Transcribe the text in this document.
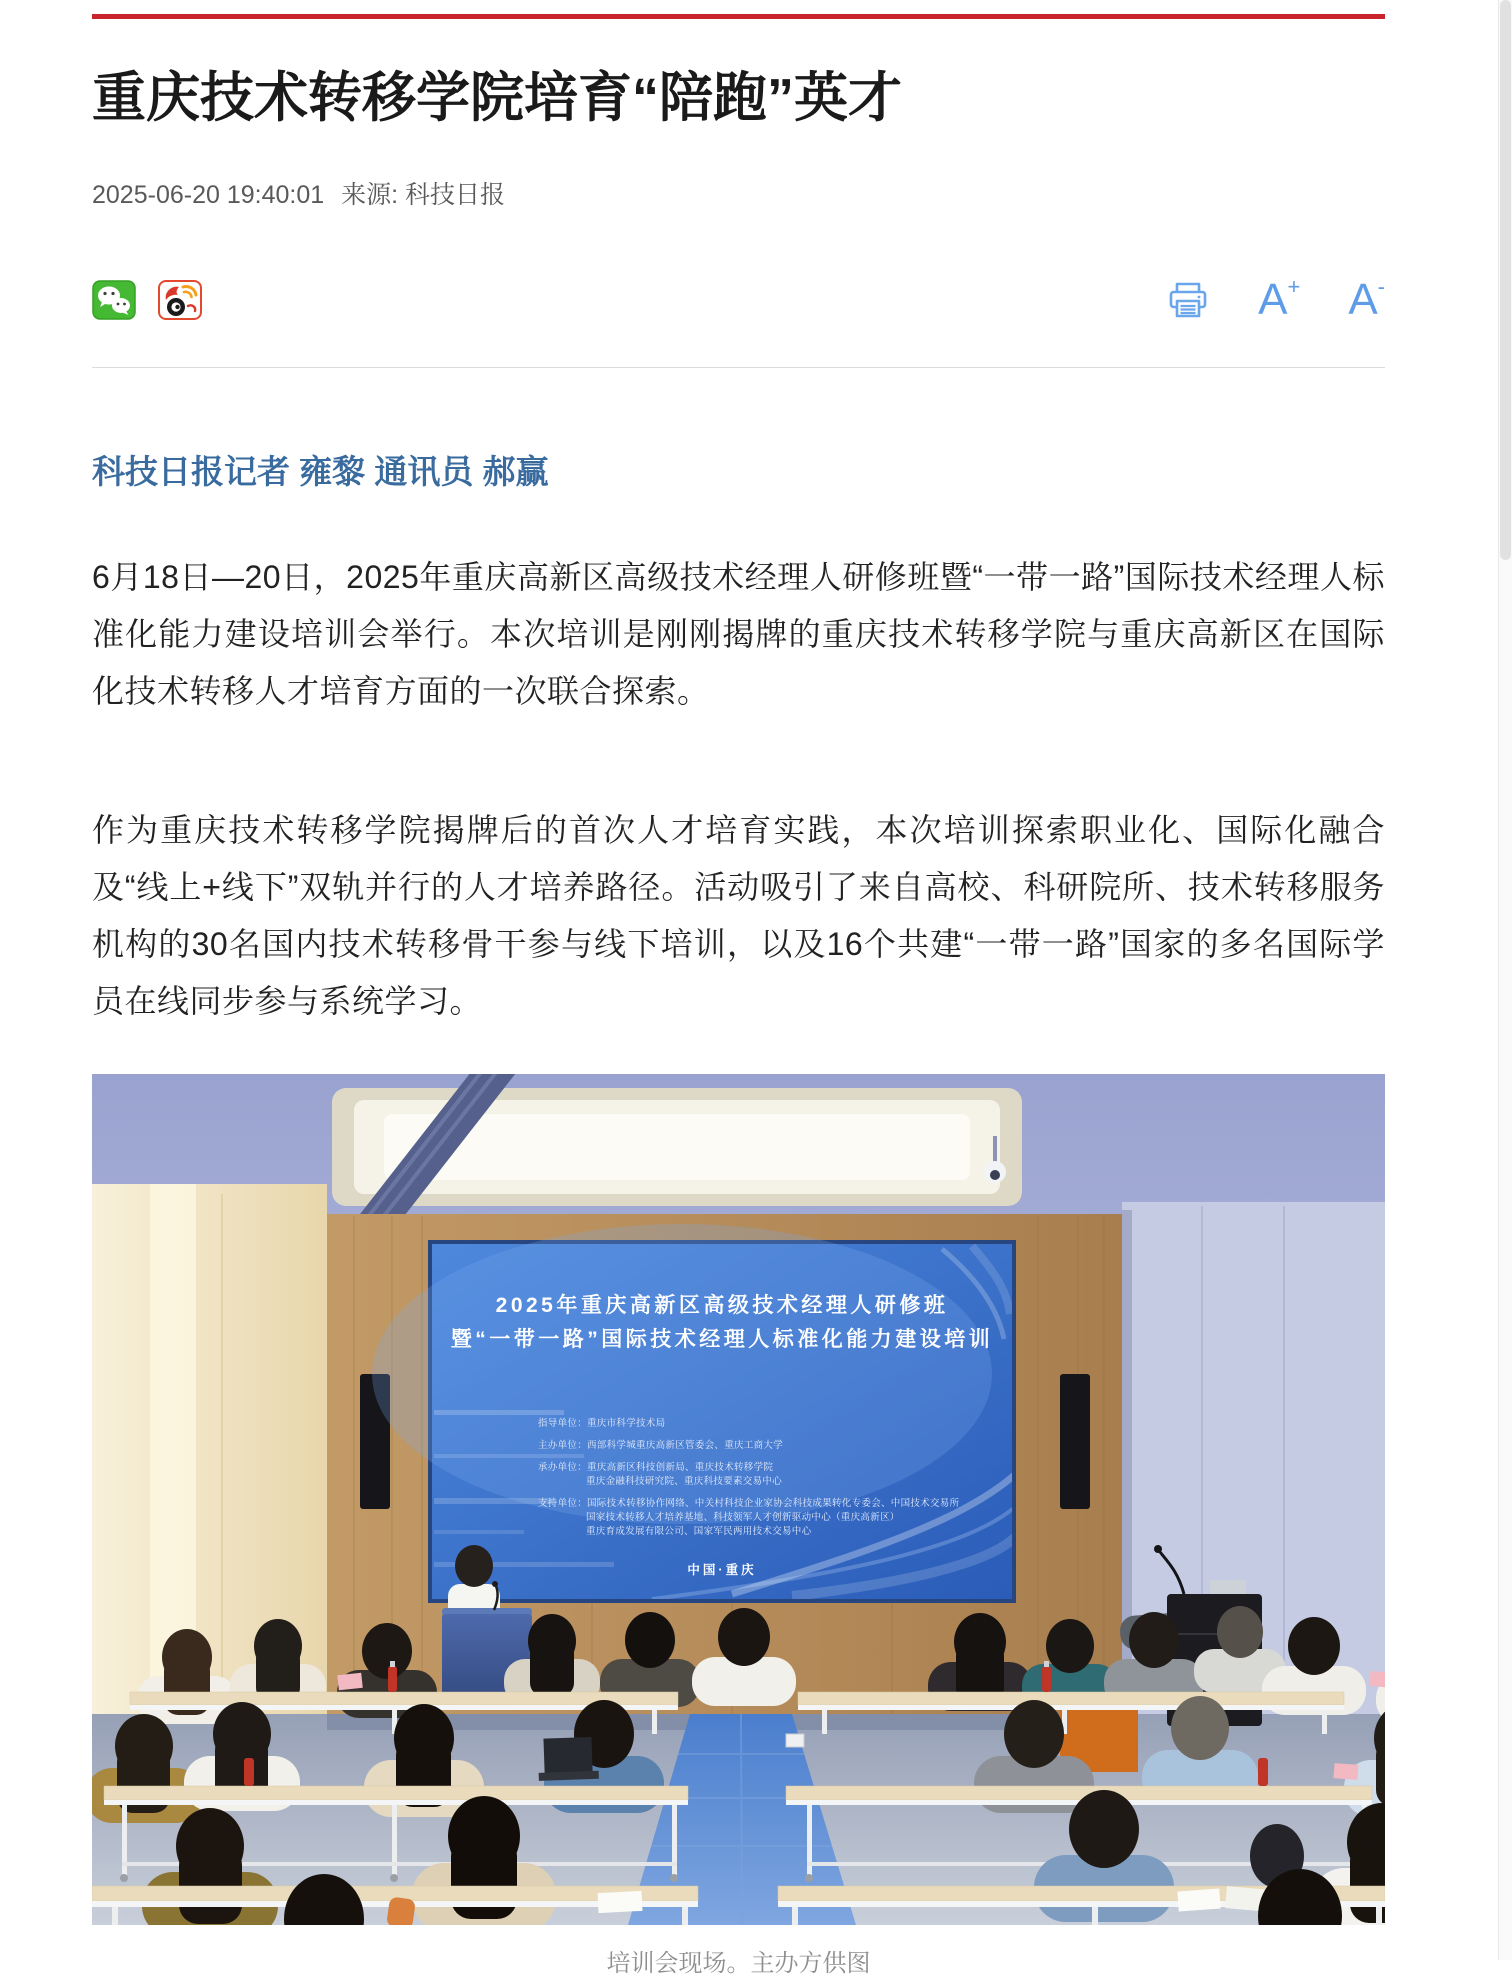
重庆技术转移学院培育“陪跑”英才
2025-06-20 19:40:01 来源: 科技日报
A + A -
科技日报记者 雍黎 通讯员 郝赢

6月18日—20日，2025年重庆高新区高级技术经理人研修班暨“一带一路”国际技术经理人标准化能力建设培训会举行。本次培训是刚刚揭牌的重庆技术转移学院与重庆高新区在国际化技术转移人才培育方面的一次联合探索。

作为重庆技术转移学院揭牌后的首次人才培育实践，本次培训探索职业化、国际化融合及“线上+线下”双轨并行的人才培养路径。活动吸引了来自高校、科研院所、技术转移服务机构的30名国内技术转移骨干参与线下培训，以及16个共建“一带一路”国家的多名国际学员在线同步参与系统学习。

2025年重庆高新区高级技术经理人研修班
暨“一带一路”国际技术经理人标准化能力建设培训
指导单位：重庆市科学技术局
主办单位：西部科学城重庆高新区管委会、重庆工商大学
承办单位：重庆高新区科技创新局、重庆技术转移学院
重庆金融科技研究院、重庆科技要素交易中心
支持单位：国际技术转移协作网络、中关村科技企业家协会科技成果转化专委会、中国技术交易所
国家技术转移人才培养基地、科技领军人才创新驱动中心（重庆高新区）
重庆育成发展有限公司、国家军民两用技术交易中心
中国·重庆
培训会现场。主办方供图
